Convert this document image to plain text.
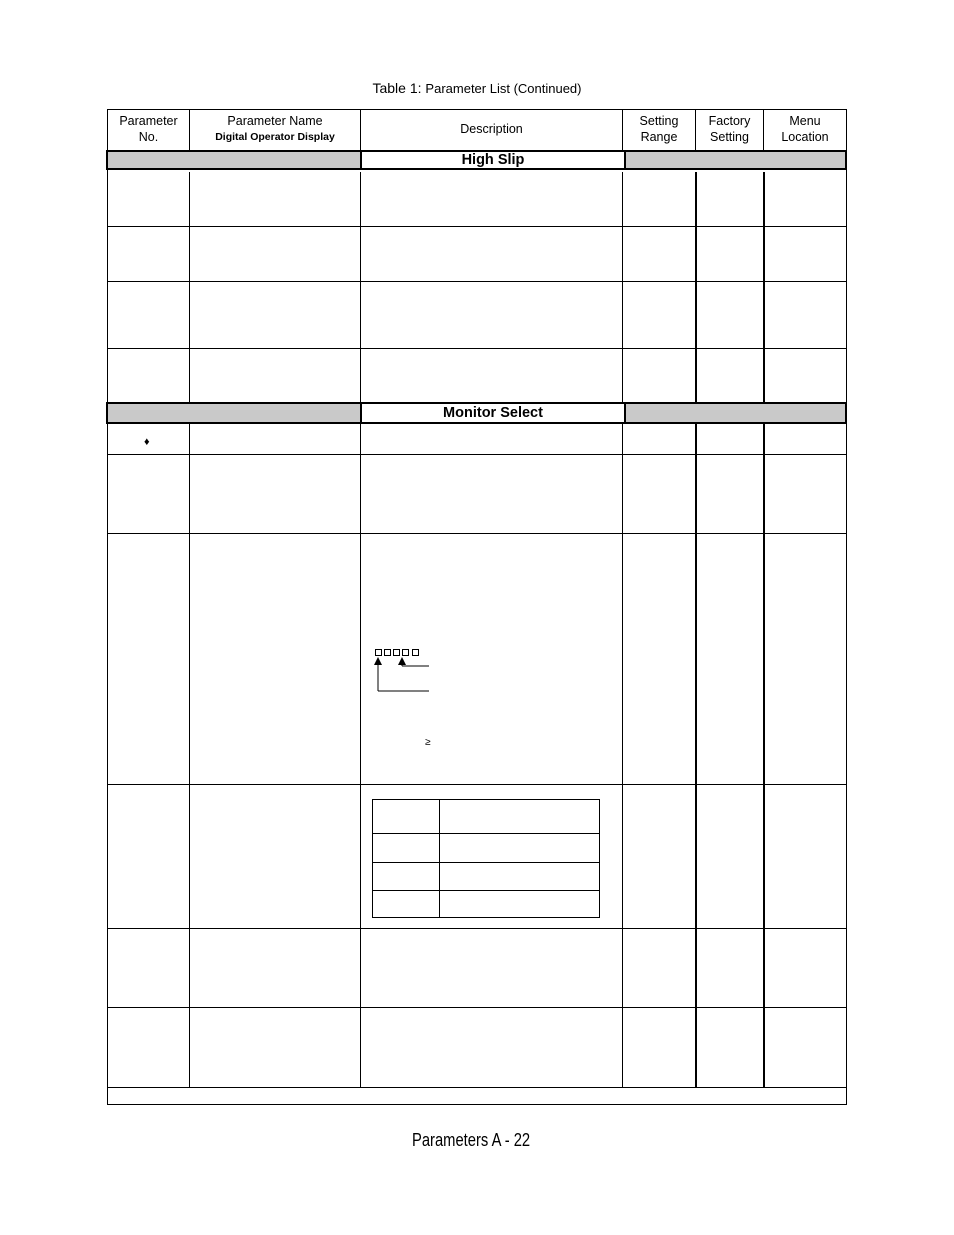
Table 1: Parameter List (Continued)
Parameter
No.
Parameter Name
Digital Operator Display
Description
Setting
Range
Factory
Setting
Menu
Location
High Slip
Monitor Select
♦
≥
Parameters A - 22
